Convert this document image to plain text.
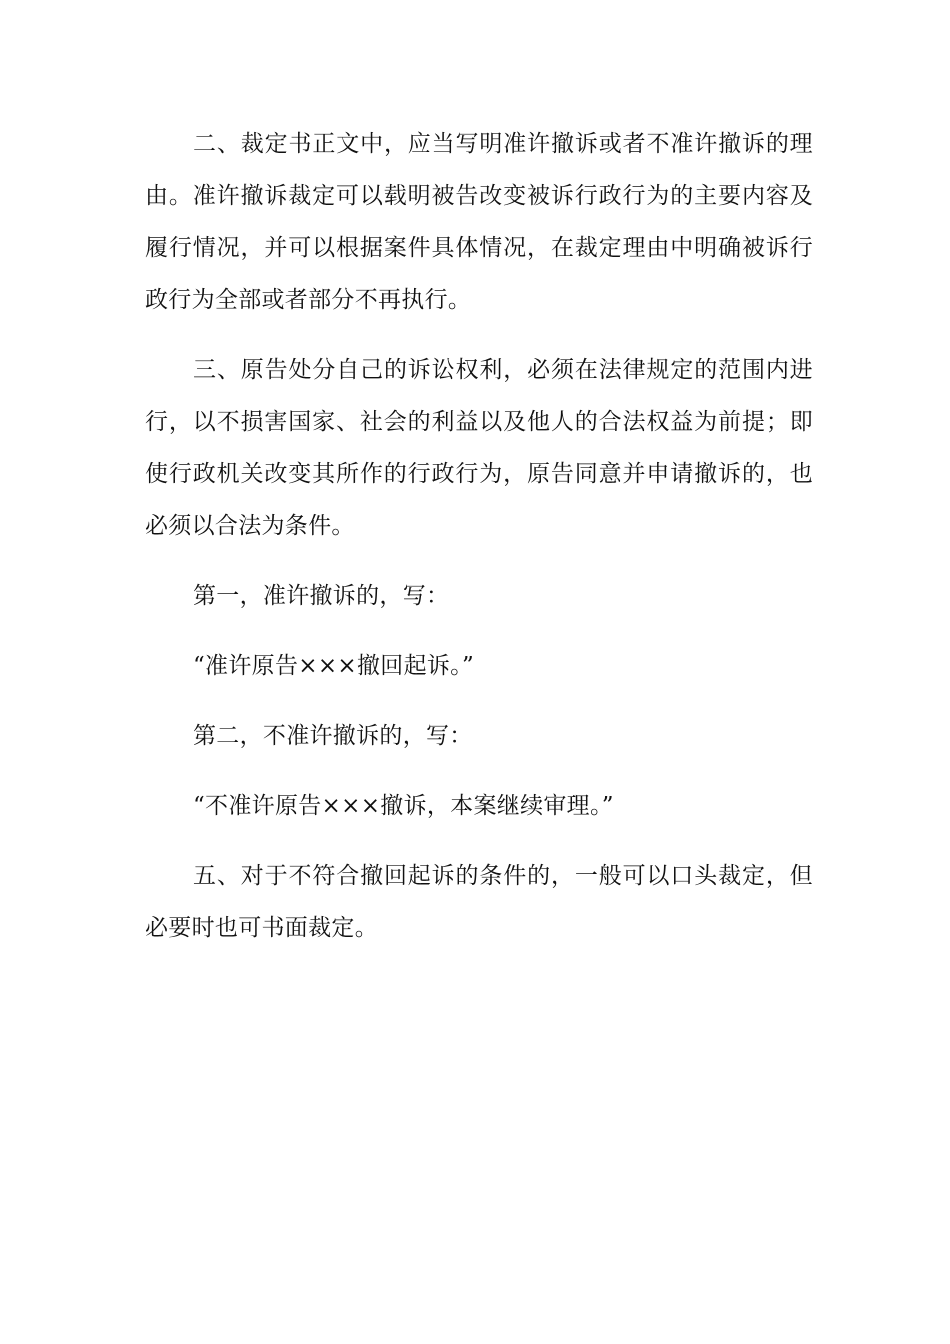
二、裁定书正文中，应当写明准许撤诉或者不准许撤诉的理由。准许撤诉裁定可以载明被告改变被诉行政行为的主要内容及履行情况，并可以根据案件具体情况，在裁定理由中明确被诉行政行为全部或者部分不再执行。

三、原告处分自己的诉讼权利，必须在法律规定的范围内进行，以不损害国家、社会的利益以及他人的合法权益为前提；即使行政机关改变其所作的行政行为，原告同意并申请撤诉的，也必须以合法为条件。

第一，准许撤诉的，写：

“准许原告×××撤回起诉。”

第二，不准许撤诉的，写：

“不准许原告×××撤诉，本案继续审理。”

五、对于不符合撤回起诉的条件的，一般可以口头裁定，但必要时也可书面裁定。
